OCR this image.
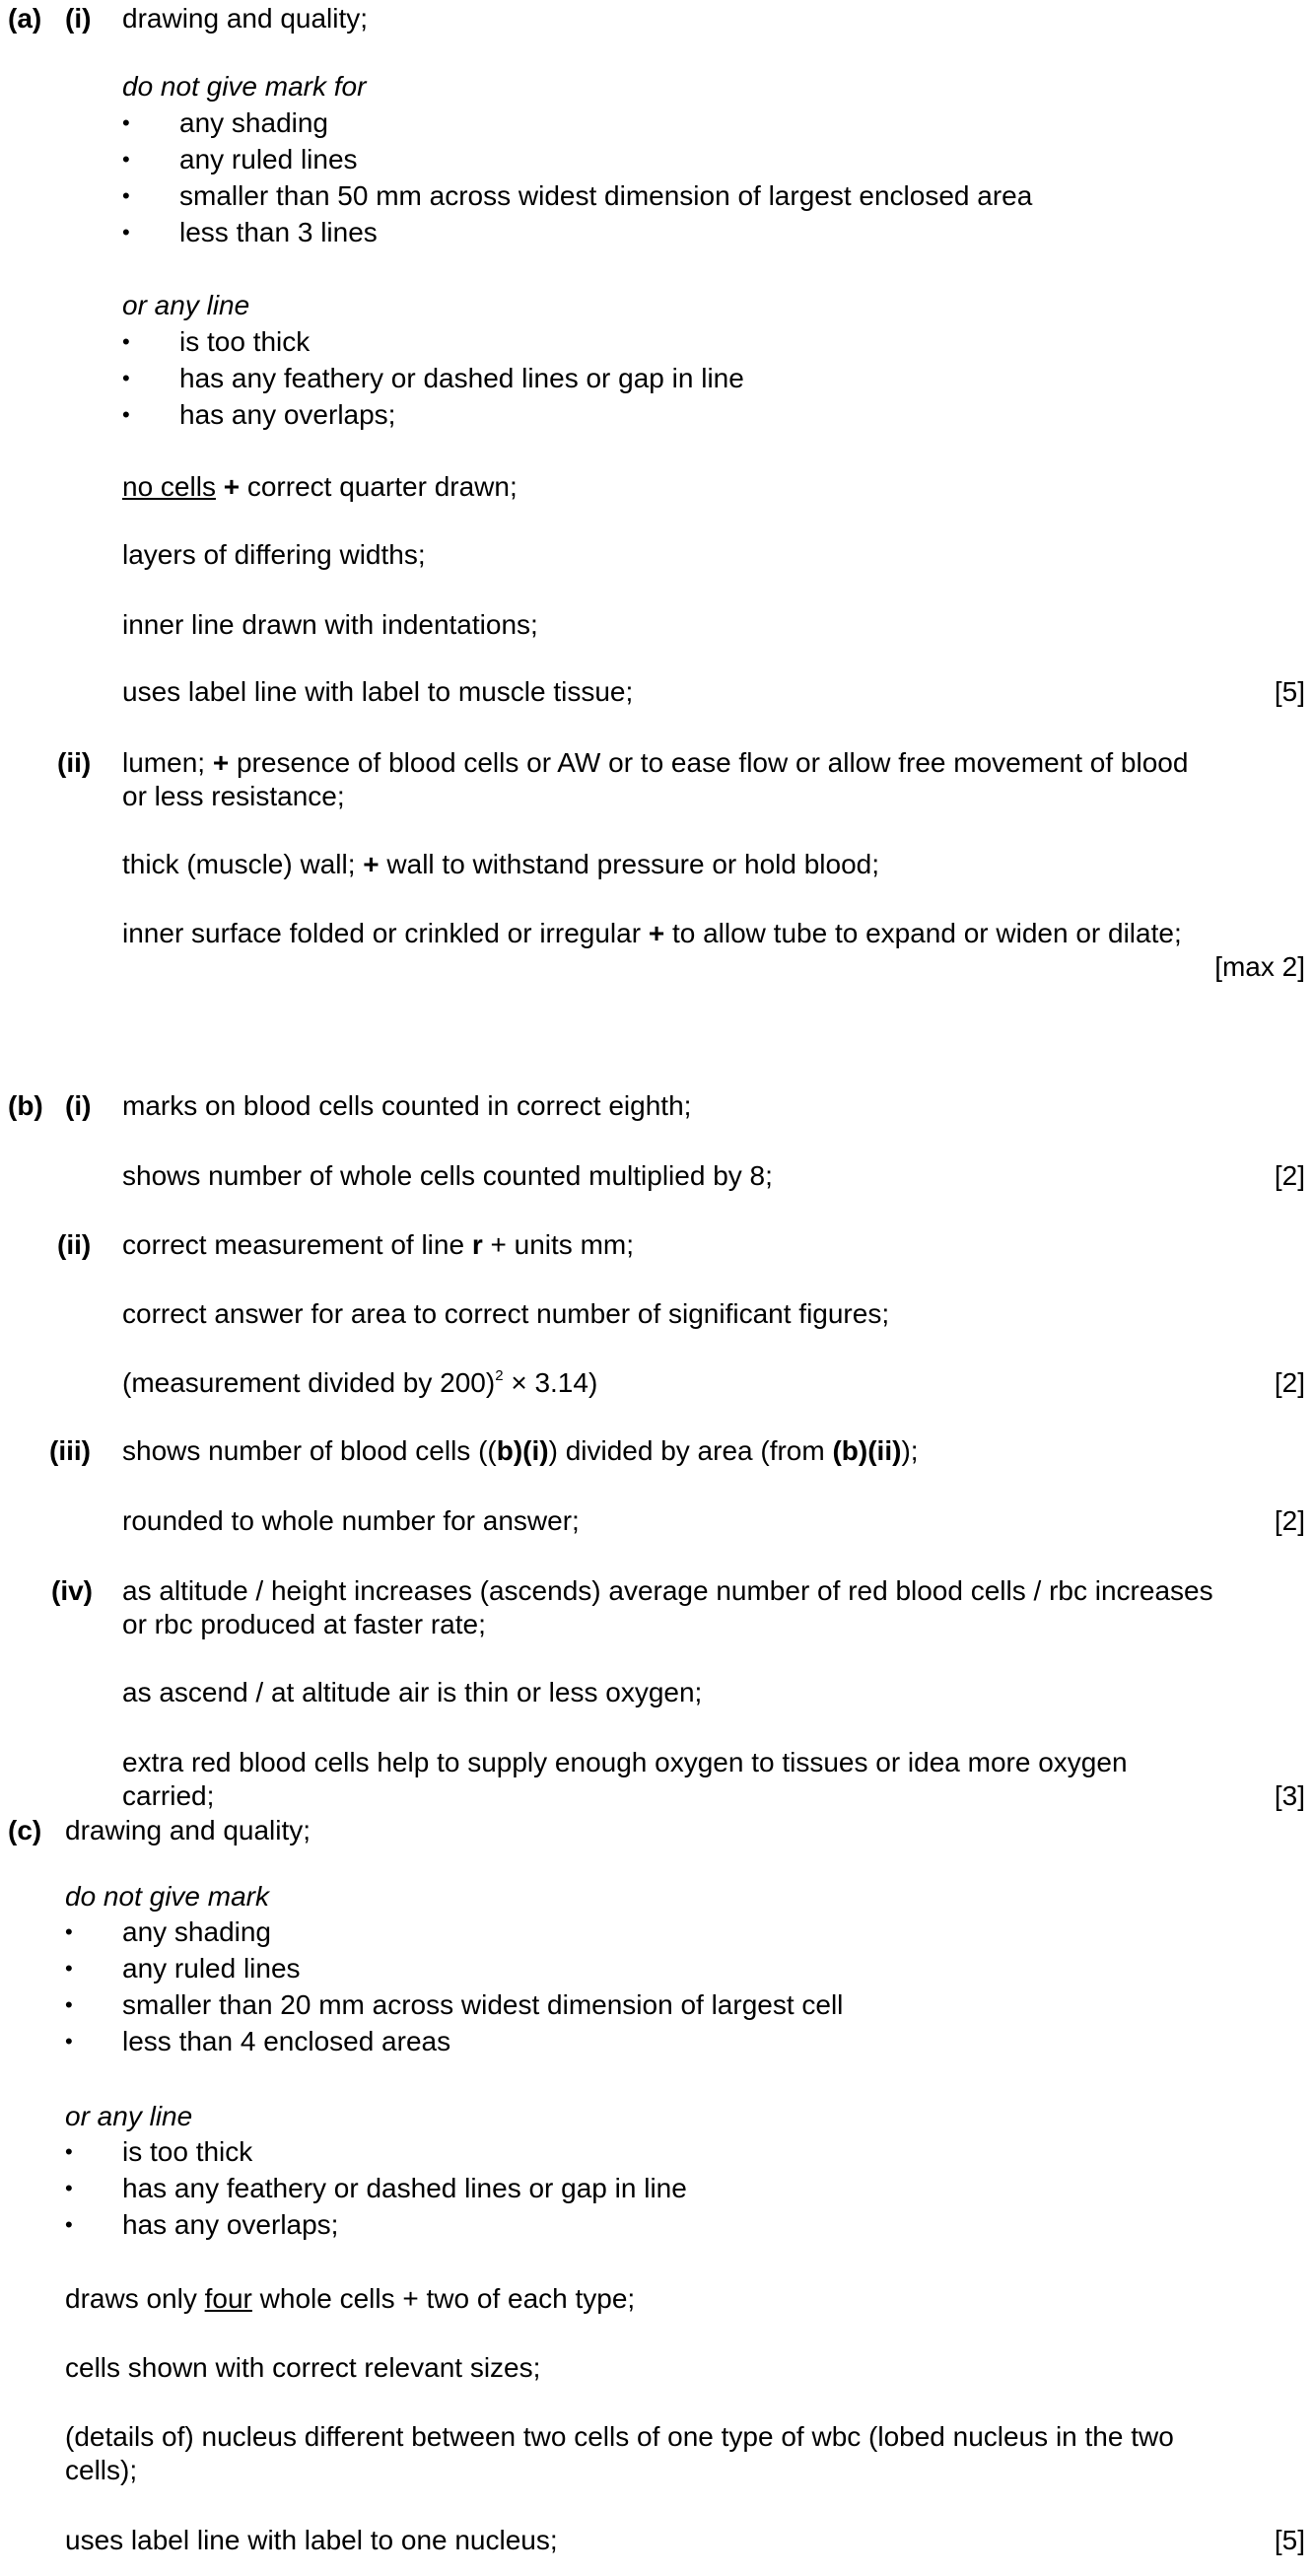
(a) (i) drawing and quality;
do not give mark for
• any shading
• any ruled lines
• smaller than 50 mm across widest dimension of largest enclosed area
• less than 3 lines
or any line
• is too thick
• has any feathery or dashed lines or gap in line
• has any overlaps;
no cells + correct quarter drawn;
layers of differing widths;
inner line drawn with indentations;
uses label line with label to muscle tissue;	[5]
(ii) lumen; + presence of blood cells or AW or to ease flow or allow free movement of blood
or less resistance;
thick (muscle) wall; + wall to withstand pressure or hold blood;
inner surface folded or crinkled or irregular + to allow tube to expand or widen or dilate;
[max 2]
(b) (i) marks on blood cells counted in correct eighth;
shows number of whole cells counted multiplied by 8;	[2]
(ii) correct measurement of line r + units mm;
correct answer for area to correct number of significant figures;
(measurement divided by 200)$^2$ × 3.14)	[2]
(iii) shows number of blood cells ((b)(i)) divided by area (from (b)(ii));
rounded to whole number for answer;	[2]
(iv) as altitude / height increases (ascends) average number of red blood cells / rbc increases
or rbc produced at faster rate;
as ascend / at altitude air is thin or less oxygen;
extra red blood cells help to supply enough oxygen to tissues or idea more oxygen
carried;	[3]
(c) drawing and quality;
do not give mark
• any shading
• any ruled lines
• smaller than 20 mm across widest dimension of largest cell
• less than 4 enclosed areas
or any line
• is too thick
• has any feathery or dashed lines or gap in line
• has any overlaps;
draws only four whole cells + two of each type;
cells shown with correct relevant sizes;
(details of) nucleus different between two cells of one type of wbc (lobed nucleus in the two
cells);
uses label line with label to one nucleus;	[5]
